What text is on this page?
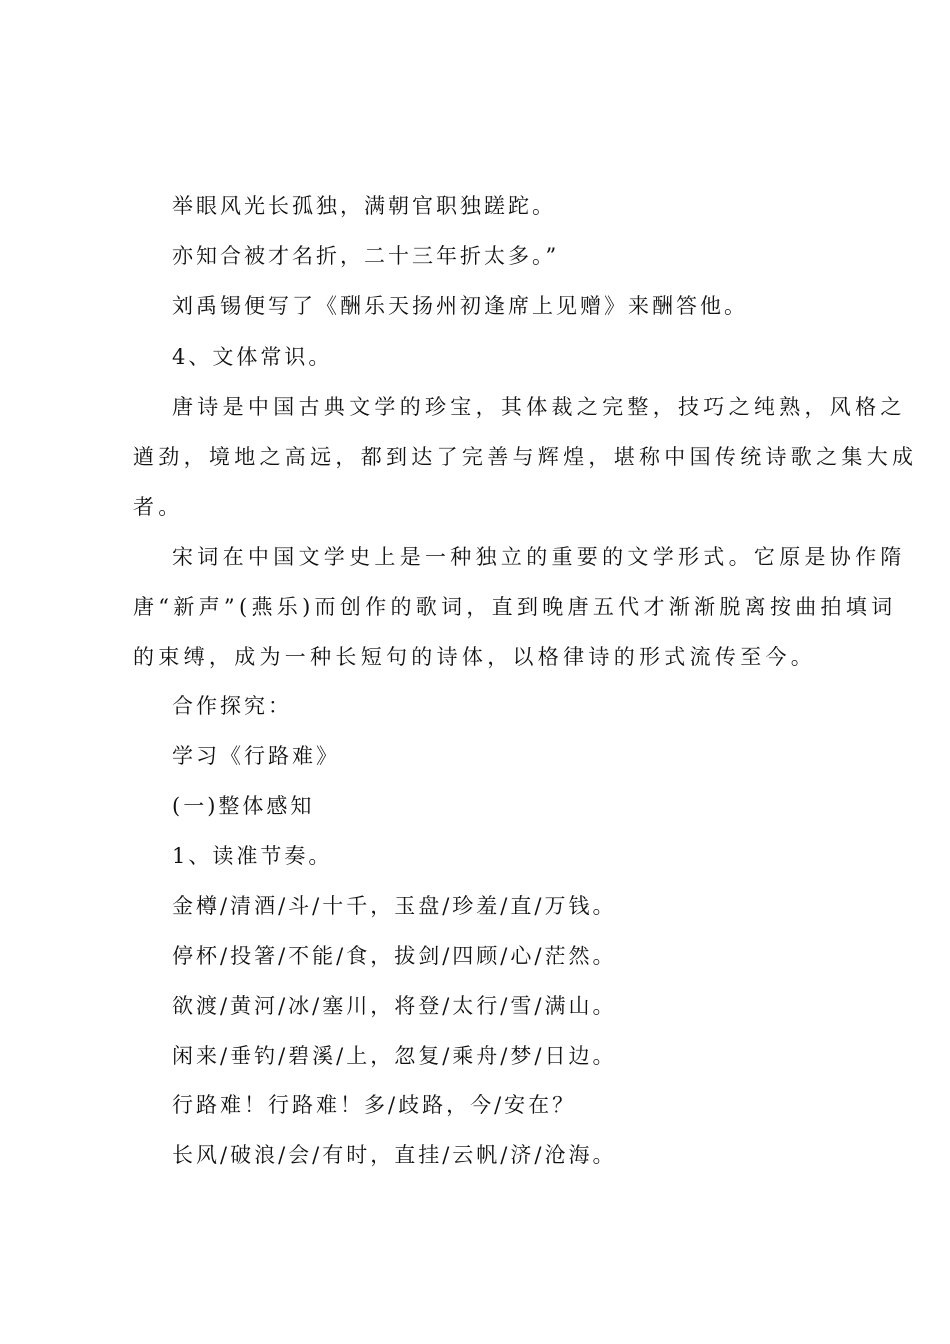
举眼风光长孤独，满朝官职独蹉跎。
亦知合被才名折，二十三年折太多。”
刘禹锡便写了《酬乐天扬州初逢席上见赠》来酬答他。
4、文体常识。
唐诗是中国古典文学的珍宝，其体裁之完整，技巧之纯熟，风格之
遒劲，境地之高远，都到达了完善与辉煌，堪称中国传统诗歌之集大成
者。
宋词在中国文学史上是一种独立的重要的文学形式。它原是协作隋
唐“新声”(燕乐)而创作的歌词，直到晚唐五代才渐渐脱离按曲拍填词
的束缚，成为一种长短句的诗体，以格律诗的形式流传至今。
合作探究：
学习《行路难》
(一)整体感知
1、读准节奏。
金樽/清酒/斗/十千，玉盘/珍羞/直/万钱。
停杯/投箸/不能/食，拔剑/四顾/心/茫然。
欲渡/黄河/冰/塞川，将登/太行/雪/满山。
闲来/垂钓/碧溪/上，忽复/乘舟/梦/日边。
行路难！行路难！多/歧路，今/安在？
长风/破浪/会/有时，直挂/云帆/济/沧海。
